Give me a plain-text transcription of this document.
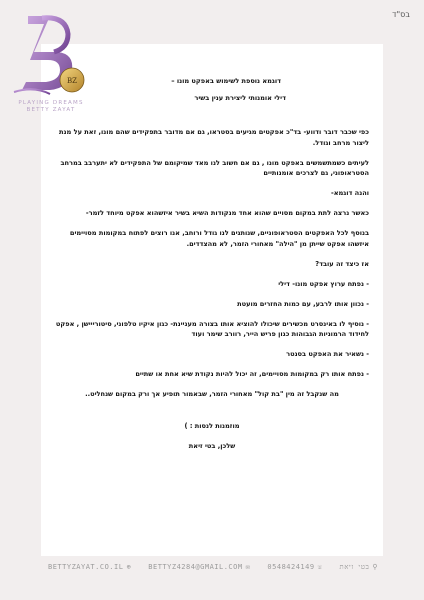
בס"ד
BZ
PLAYING DREAMS
BETTY ZAYAT

דוגמא נוספת לשימוש באפקט מונו –

דילי אומנותי ליצירת ענין בשיר

כפי שכבר דובר ודווע- בד"כ אפקטים מגיעים בסטראו, גם אם מדובר בתפקידים שהם מונו, זאת על מנת ליצור מרחב וגודל.

לעיתים כשמתשמשים באפקט מונו , גם אם חשוב לנו מאד שמיקומם של התפקידים לא יתערבב במרחב הסטראופוני, גם לצרכים אומנותיים

והנה דוגמא-

כאשר נרצה לתת במקום מסויים שהוא אחד מנקודות השיא בשיר איזשהוא אפקט מיוחד לזמר-

בנוסף לכל האפקטים הסטראופוניים, שנותנים לנו גודל ורוחב, אנו רוצים לפתוח במקומות מסויימים איזשהו אפקט שייתן מן "הילה" מאחורי הזמר, לא מהצדדים.

אז כיצד זה עובד?

- נפתח ערוץ אפקט מונו- דילי

- נכוון אותו לרבע, עם כמות החזרים מועטת

- נוסיף לו באינסרט מכשירים שיכולו להוציא אותו בצורה מעניינת- כגון איקיו טלפוני, סיטורייישן , אפקט לחידוד הרמוניות הגבוהות כגון פריש הייר, רוורב שימר ועוד

- נשאיר את האפקט בסנטר

- נפתח אותו רק במקומות מסויימים, זה יכול להיות נקודת שיא אחת או שתיים

מה שנקבל זה מין "בת קול" מאחורי הזמר, שבאמור תופיע אך ורק במקום שנחליט..

מוזמנות לנסות : )

שלכן, בטי זיאת

BETTYZAYAT.CO.IL ⊕ BETTYZ4284@GMAIL.COM ✉ 0548424149 ☏ בטי זיאת ⚲
